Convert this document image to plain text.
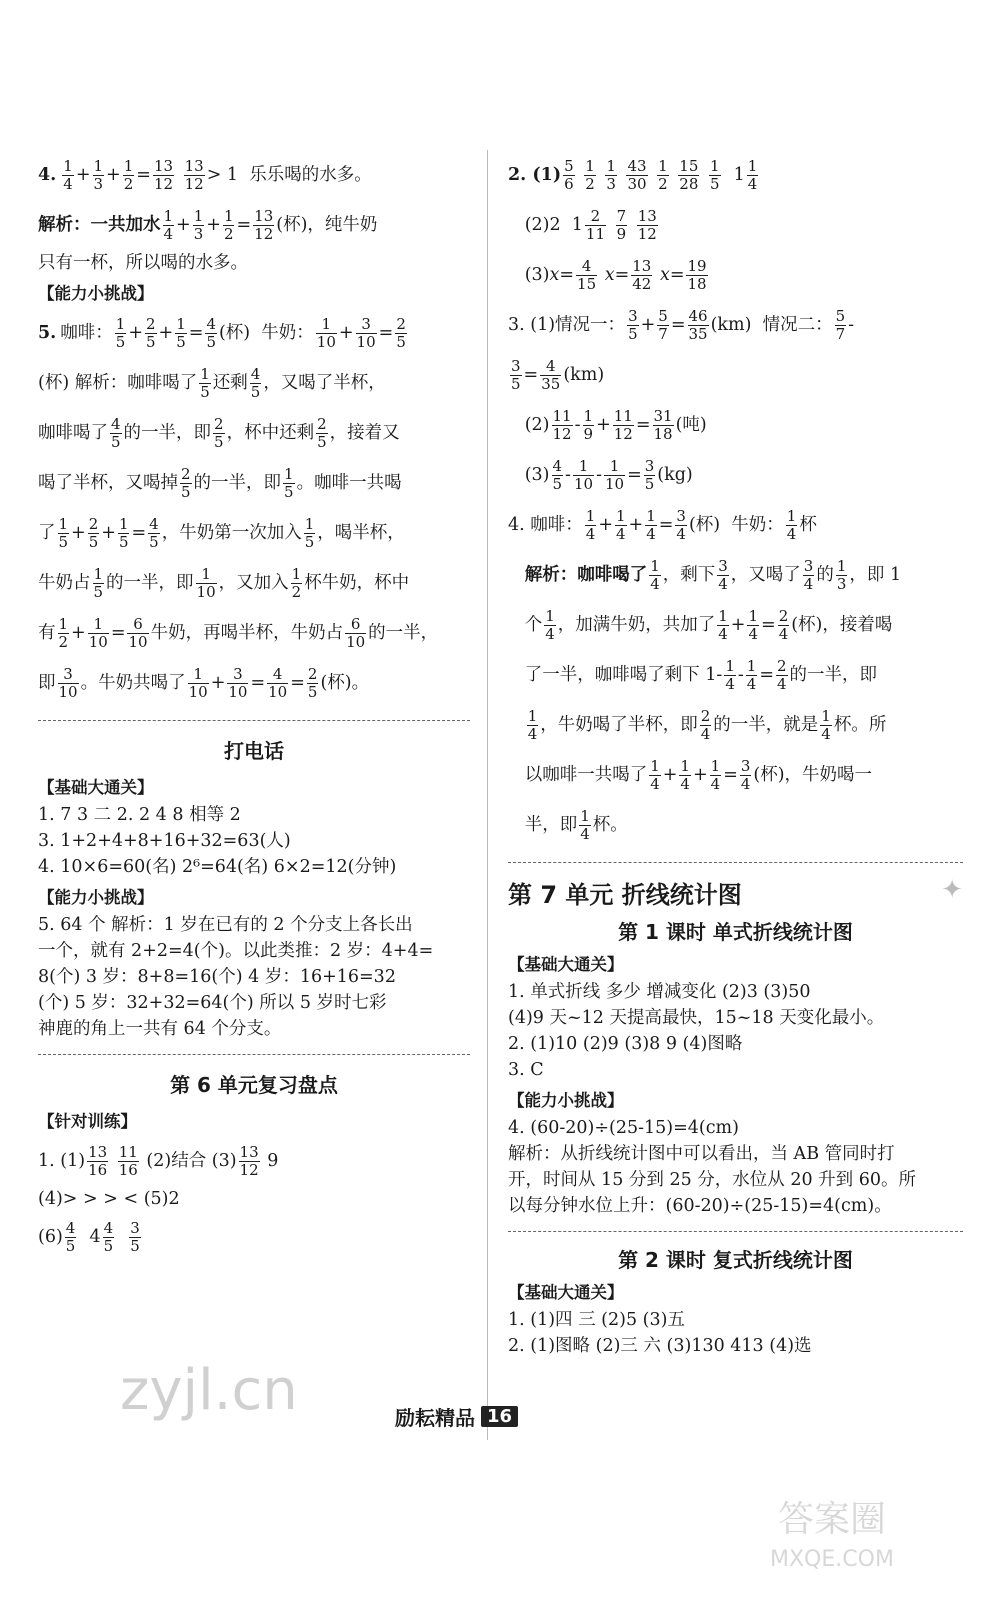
4. 1
4 + 1
3 + 1
2 = 13
12

13
12 > 1
乐乐喝的水多。
解析：一共加水 1
4 + 1
3 + 1
2 = 13
12 (杯)，纯牛奶

只有一杯，所以喝的水多。

【能力小挑战】

5. 咖啡： 1
5 + 2
5 + 1
5 = 4
5 (杯)
牛奶： 1
10 + 3
10 = 2
5
(杯) 解析：咖啡喝了 1
5 还剩 4
5 ，又喝了半杯，
咖啡喝了 4
5 的一半，即 2
5 ，杯中还剩 2
5 ，接着又
喝了半杯，又喝掉 2
5 的一半，即 1
5 。咖啡一共喝
了 1
5 + 2
5 + 1
5 = 4
5 ，牛奶第一次加入 1
5 ，喝半杯，
牛奶占 1
5 的一半，即 1
10 ，又加入 1
2 杯牛奶，杯中
有 1
2 + 1
10 = 6
10 牛奶，再喝半杯，牛奶占 6
10 的一半，
即 3
10 。牛奶共喝了 1
10 + 3
10 = 4
10 = 2
5 (杯)。

打电话

【基础大通关】

1. 7 3 二 2. 2 4 8 相等 2

3. 1+2+4+8+16+32=63(人)

4. 10×6=60(名) 2⁶=64(名) 6×2=12(分钟)

【能力小挑战】

5. 64 个 解析：1 岁在已有的 2 个分支上各长出

一个，就有 2+2=4(个)。以此类推：2 岁：4+4=

8(个) 3 岁：8+8=16(个) 4 岁：16+16=32

(个) 5 岁：32+32=64(个) 所以 5 岁时七彩

神鹿的角上一共有 64 个分支。

第 6 单元复习盘点

【针对训练】

1. (1) 13
16

11
16
(2)结合 (3) 13
12
9

(4)> > > < (5)2

(6) 4
5 4 4
5

3
5
2. (1) 5
6

1
2

1
3

43
30

1
2

15
28

1
5 1 1
4

(2)2 1 2
11

7
9

13
12

(3) x = 4
15
x = 13
42
x = 19
18
3. (1)情况一： 3
5 + 5
7 = 46
35 (km)
情况二： 5
7 -
3
5 = 4
35 (km)

(2) 11
12 - 1
9 + 11
12 = 31
18 (吨)

(3) 4
5 - 1
10 - 1
10 = 3
5 (kg)
4. 咖啡： 1
4 + 1
4 + 1
4 = 3
4 (杯)
牛奶： 1
4 杯

解析：咖啡喝了 1
4 ，剩下 3
4 ，又喝了 3
4 的 1
3 ，即 1

个 1
4 ，加满牛奶，共加了 1
4 + 1
4 = 2
4 (杯)，接着喝

了一半，咖啡喝了剩下 1- 1
4 - 1
4 = 2
4 的一半，即

1
4 ，牛奶喝了半杯，即 2
4 的一半，就是 1
4 杯。所

以咖啡一共喝了 1
4 + 1
4 + 1
4 = 3
4 (杯)，牛奶喝一

半，即 1
4 杯。
第 7 单元 折线统计图	✦

第 1 课时 单式折线统计图

【基础大通关】

1. 单式折线 多少 增减变化 (2)3 (3)50

(4)9 天~12 天提高最快，15~18 天变化最小。

2. (1)10 (2)9 (3)8 9 (4)图略

3. C

【能力小挑战】

4. (60-20)÷(25-15)=4(cm)

解析：从折线统计图中可以看出，当 AB 管同时打

开，时间从 15 分到 25 分，水位从 20 升到 60。所

以每分钟水位上升：(60-20)÷(25-15)=4(cm)。

第 2 课时 复式折线统计图

【基础大通关】

1. (1)四 三 (2)5 (3)五

2. (1)图略 (2)三 六 (3)130 413 (4)选

励耘精品 16
zyjl.cn
答案圈
MXQE.COM
